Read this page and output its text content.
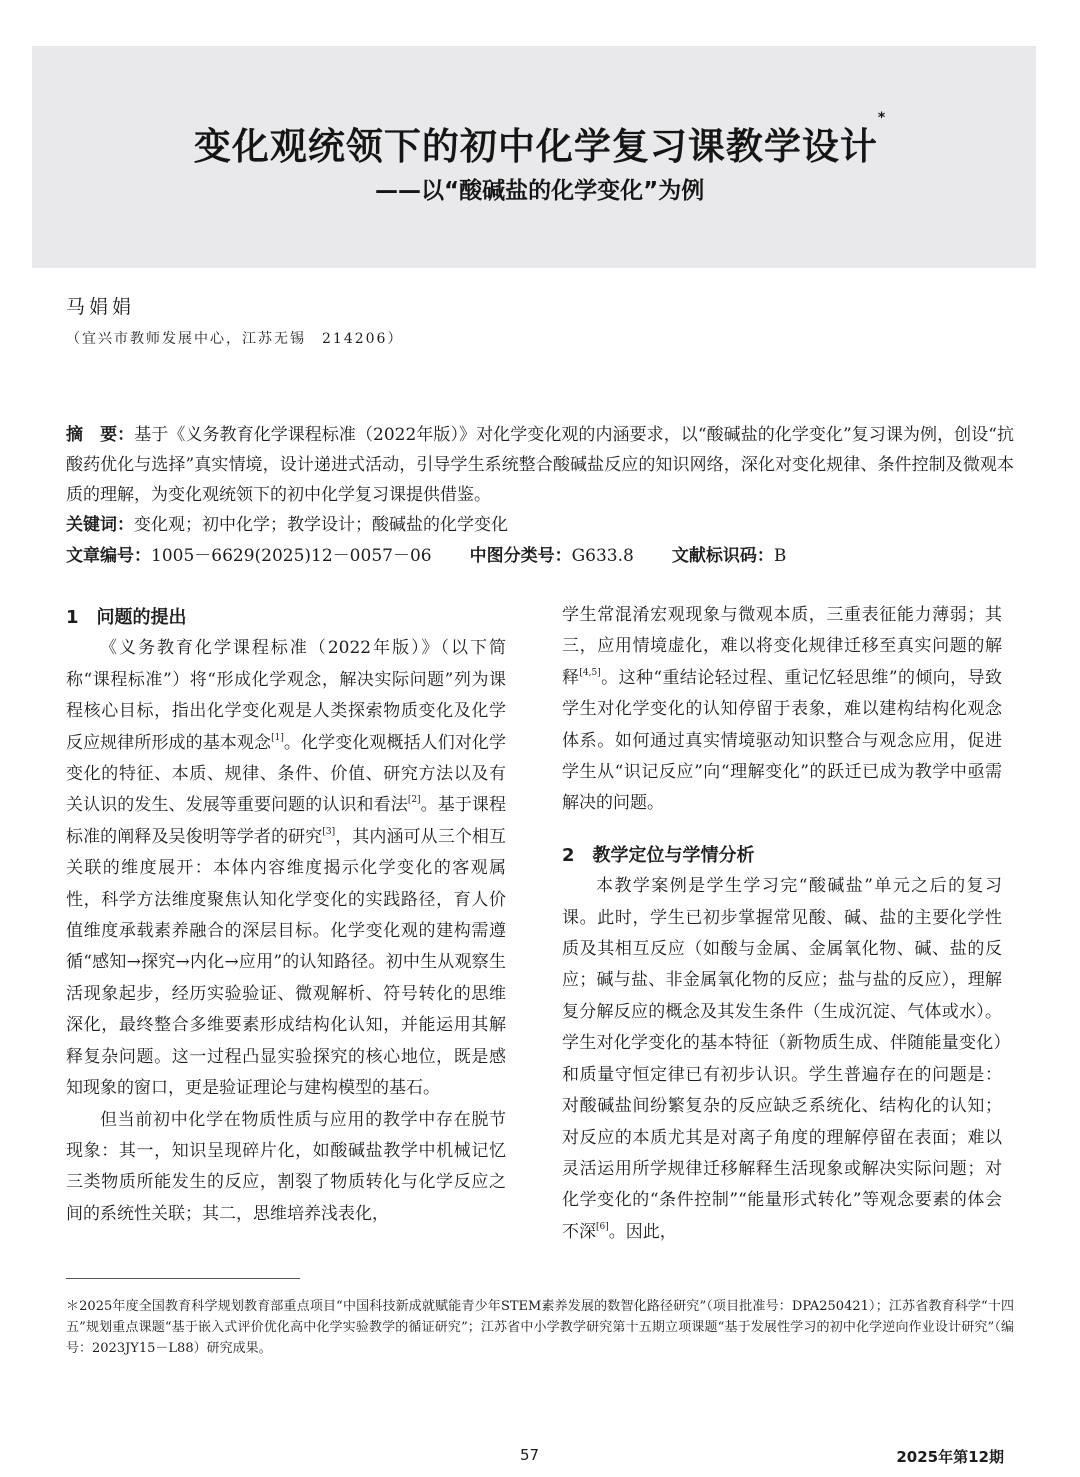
变化观统领下的初中化学复习课教学设计*
——以“酸碱盐的化学变化”为例
马娟娟
（宜兴市教师发展中心，江苏无锡　214206）
摘　要：基于《义务教育化学课程标准（2022年版）》对化学变化观的内涵要求，以“酸碱盐的化学变化”复习课为例，创设“抗酸药优化与选择”真实情境，设计递进式活动，引导学生系统整合酸碱盐反应的知识网络，深化对变化规律、条件控制及微观本质的理解，为变化观统领下的初中化学复习课提供借鉴。
关键词：变化观；初中化学；教学设计；酸碱盐的化学变化
文章编号：1005－6629(2025)12－0057－06 中图分类号：G633.8 文献标识码：B

1　问题的提出

《义务教育化学课程标准（2022年版）》（以下简称“课程标准”）将“形成化学观念，解决实际问题”列为课程核心目标，指出化学变化观是人类探索物质变化及化学反应规律所形成的基本观念[1]。化学变化观概括人们对化学变化的特征、本质、规律、条件、价值、研究方法以及有关认识的发生、发展等重要问题的认识和看法[2]。基于课程标准的阐释及吴俊明等学者的研究[3]，其内涵可从三个相互关联的维度展开：本体内容维度揭示化学变化的客观属性，科学方法维度聚焦认知化学变化的实践路径，育人价值维度承载素养融合的深层目标。化学变化观的建构需遵循“感知→探究→内化→应用”的认知路径。初中生从观察生活现象起步，经历实验验证、微观解析、符号转化的思维深化，最终整合多维要素形成结构化认知，并能运用其解释复杂问题。这一过程凸显实验探究的核心地位，既是感知现象的窗口，更是验证理论与建构模型的基石。

但当前初中化学在物质性质与应用的教学中存在脱节现象：其一，知识呈现碎片化，如酸碱盐教学中机械记忆三类物质所能发生的反应，割裂了物质转化与化学反应之间的系统性关联；其二，思维培养浅表化，

学生常混淆宏观现象与微观本质，三重表征能力薄弱；其三，应用情境虚化，难以将变化规律迁移至真实问题的解释[4,5]。这种“重结论轻过程、重记忆轻思维”的倾向，导致学生对化学变化的认知停留于表象，难以建构结构化观念体系。如何通过真实情境驱动知识整合与观念应用，促进学生从“识记反应”向“理解变化”的跃迁已成为教学中亟需解决的问题。

2　教学定位与学情分析

本教学案例是学生学习完“酸碱盐”单元之后的复习课。此时，学生已初步掌握常见酸、碱、盐的主要化学性质及其相互反应（如酸与金属、金属氧化物、碱、盐的反应；碱与盐、非金属氧化物的反应；盐与盐的反应），理解复分解反应的概念及其发生条件（生成沉淀、气体或水）。学生对化学变化的基本特征（新物质生成、伴随能量变化）和质量守恒定律已有初步认识。学生普遍存在的问题是：对酸碱盐间纷繁复杂的反应缺乏系统化、结构化的认知；对反应的本质尤其是对离子角度的理解停留在表面；难以灵活运用所学规律迁移解释生活现象或解决实际问题；对化学变化的“条件控制”“能量形式转化”等观念要素的体会不深[6]。因此，

＊2025年度全国教育科学规划教育部重点项目“中国科技新成就赋能青少年STEM素养发展的数智化路径研究”（项目批准号：DPA250421）；江苏省教育科学“十四五”规划重点课题“基于嵌入式评价优化高中化学实验教学的循证研究”；江苏省中小学教学研究第十五期立项课题“基于发展性学习的初中化学逆向作业设计研究”（编号：2023JY15－L88）研究成果。
57	2025年第12期
